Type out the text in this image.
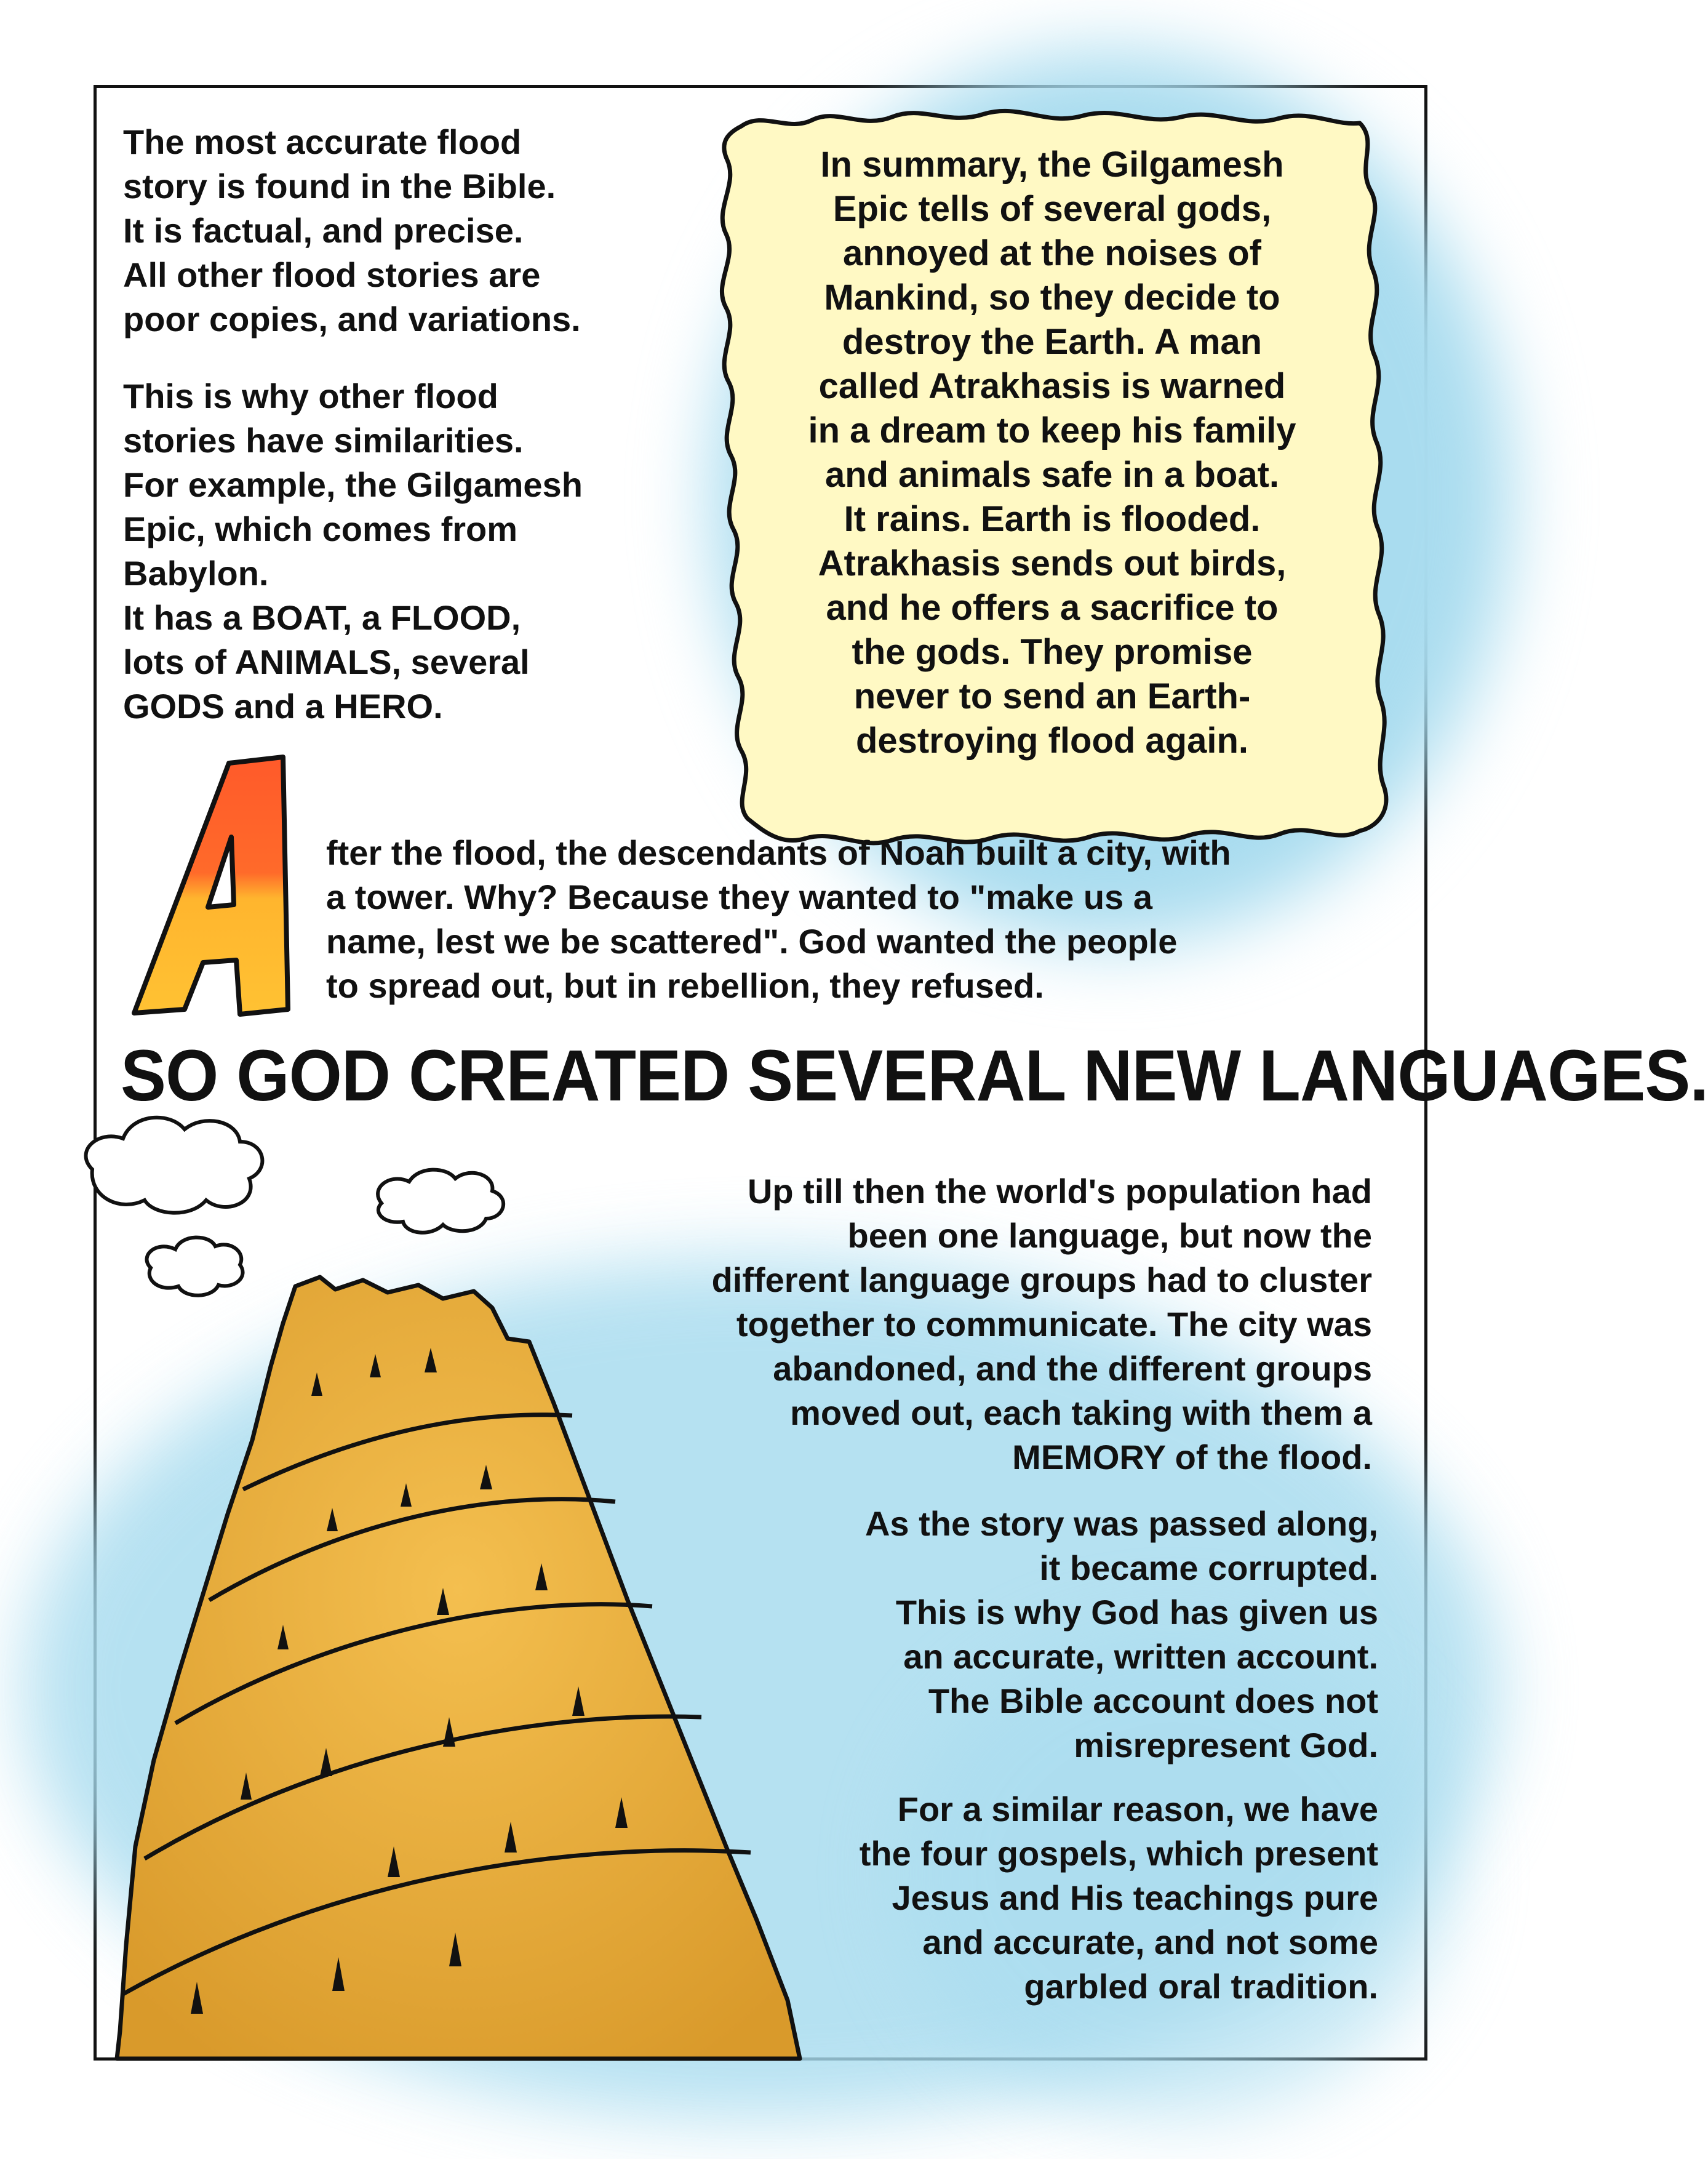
The most accurate flood
story is found in the Bible.
It is factual, and precise.
All other flood stories are
poor copies, and variations.

This is why other flood
stories have similarities.
For example, the Gilgamesh
Epic, which comes from
Babylon.
It has a BOAT, a FLOOD,
lots of ANIMALS, several
GODS and a HERO.

In summary, the Gilgamesh
Epic tells of several gods,
annoyed at the noises of
Mankind, so they decide to
destroy the Earth. A man
called Atrakhasis is warned
in a dream to keep his family
and animals safe in a boat.
It rains. Earth is flooded.
Atrakhasis sends out birds,
and he offers a sacrifice to
the gods. They promise
never to send an Earth-
destroying flood again.

fter the flood, the descendants of Noah built a city, with
a tower. Why? Because they wanted to "make us a
name, lest we be scattered". God wanted the people
to spread out, but in rebellion, they refused.

SO GOD CREATED SEVERAL NEW LANGUAGES.

Up till then the world's population had
been one language, but now the
different language groups had to cluster
together to communicate. The city was
abandoned, and the different groups
moved out, each taking with them a
MEMORY of the flood.

As the story was passed along,
it became corrupted.
This is why God has given us
an accurate, written account.
The Bible account does not
misrepresent God.

For a similar reason, we have
the four gospels, which present
Jesus and His teachings pure
and accurate, and not some
garbled oral tradition.
